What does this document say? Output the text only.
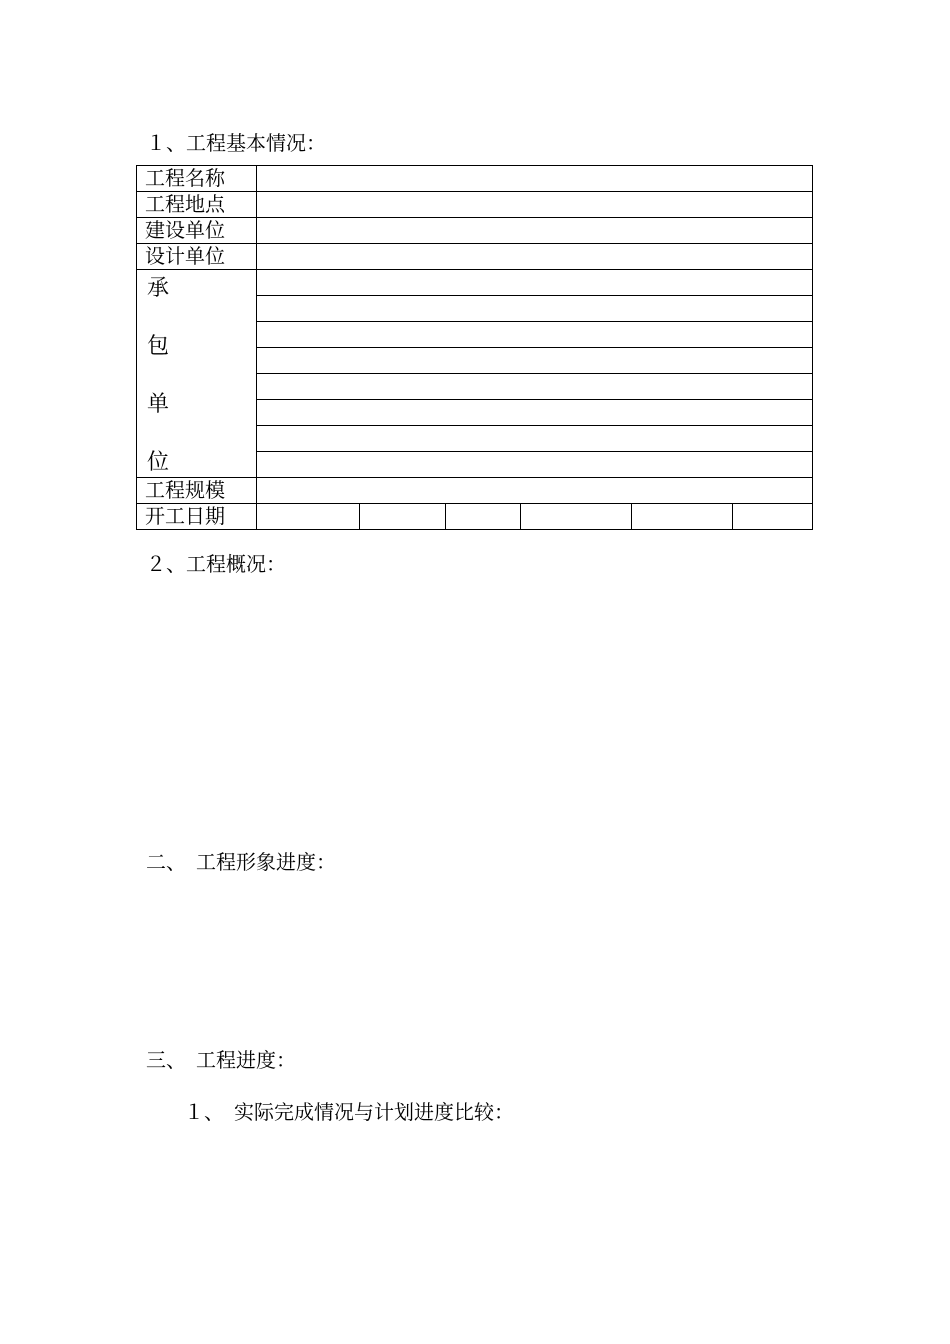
１、工程基本情况：
工程名称						
工程地点						
建设单位						
设计单位						

承
包
单
位						

工程规模						
开工日期						
２、工程概况：
二、　工程形象进度：
三、　工程进度：
１、　实际完成情况与计划进度比较：
